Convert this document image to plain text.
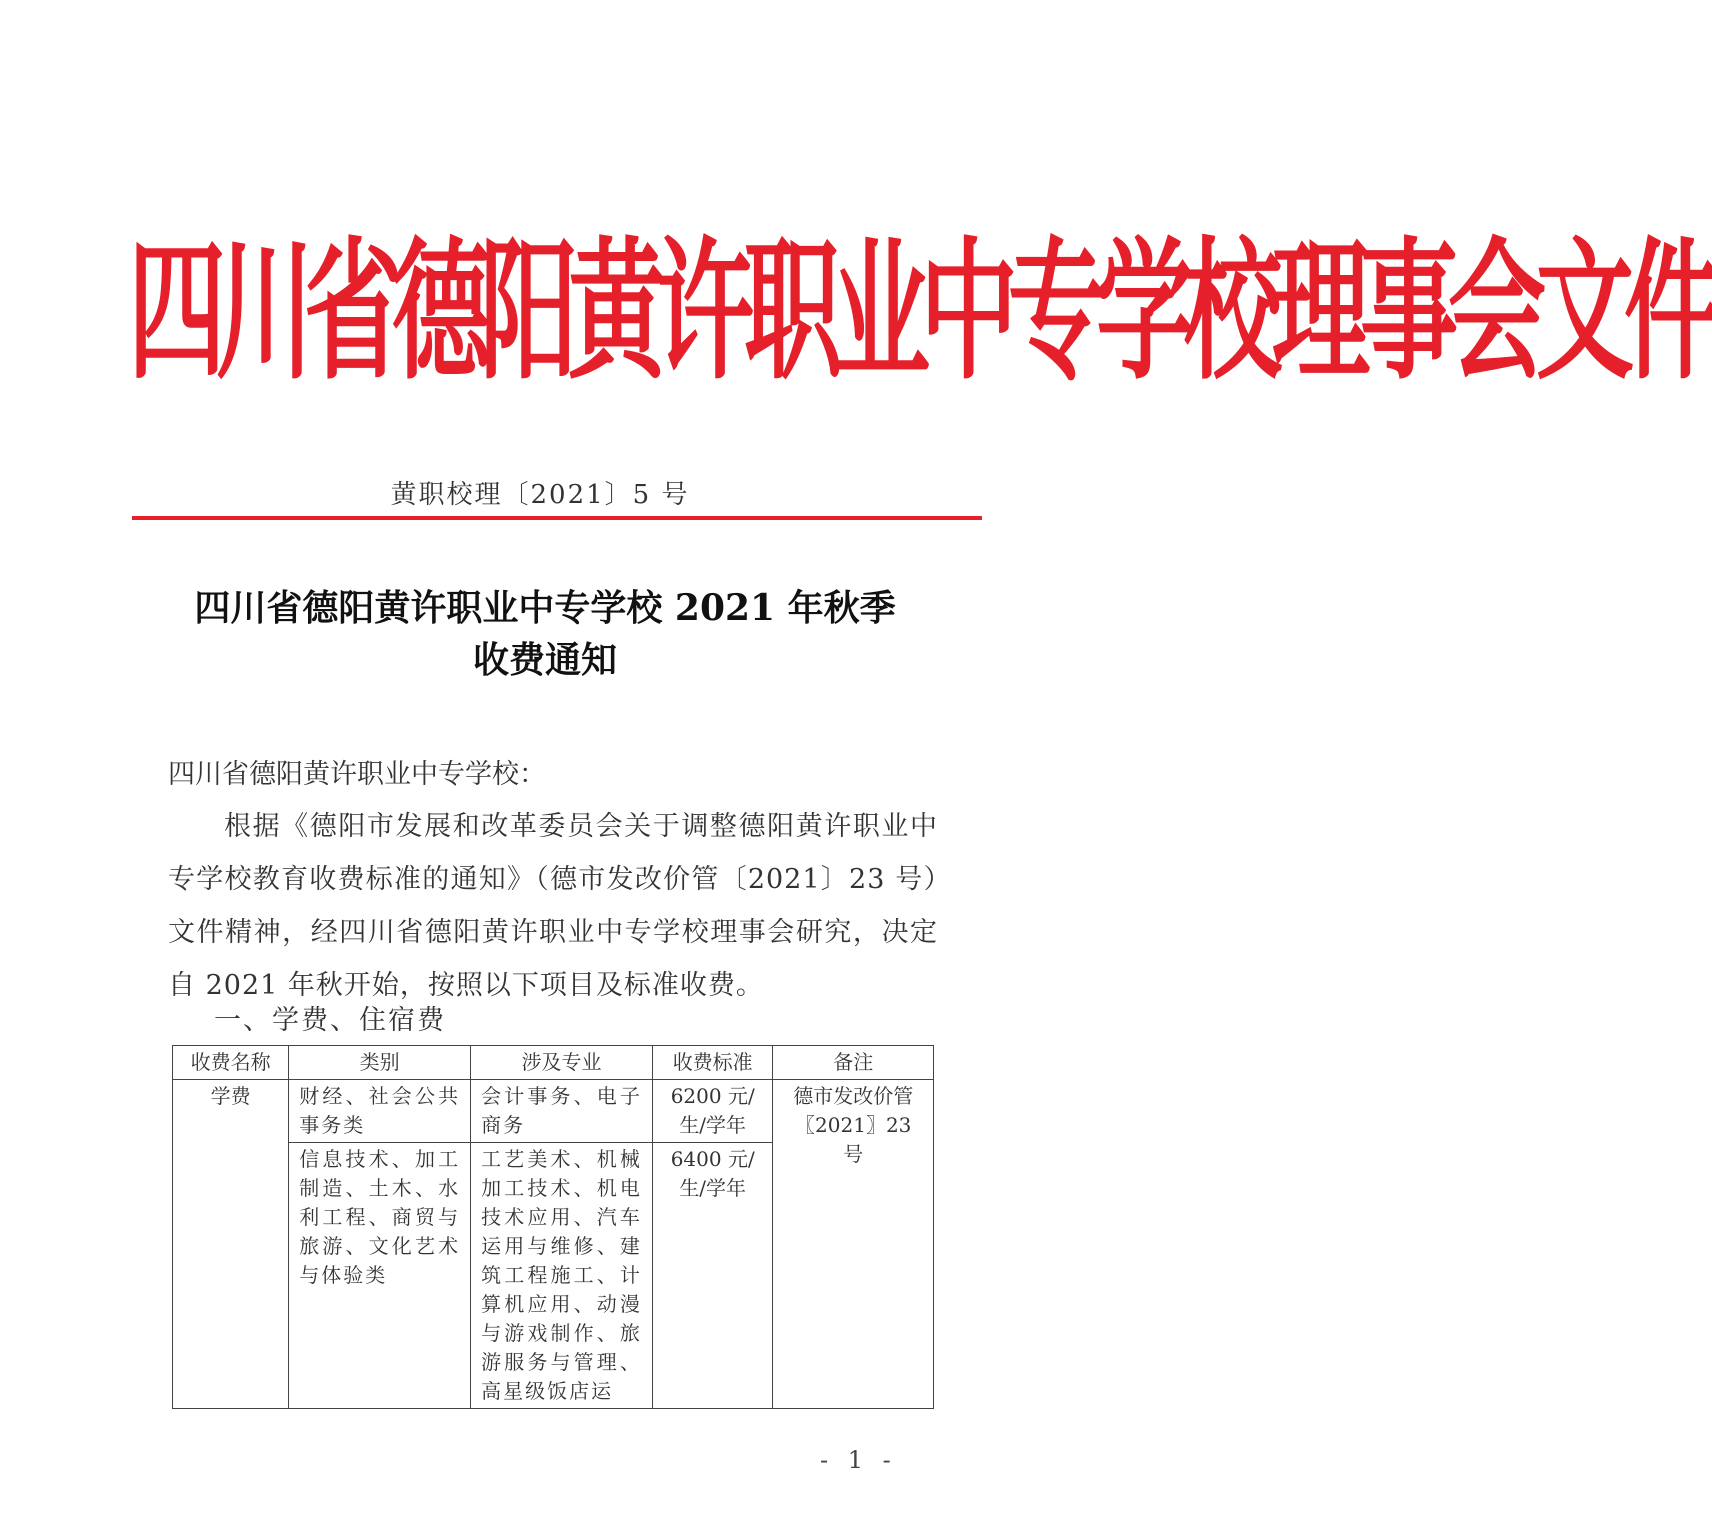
四川省德阳黄许职业中专学校理事会文件
黄职校理〔2021〕5 号
四川省德阳黄许职业中专学校 2021 年秋季
收费通知
四川省德阳黄许职业中专学校：
根据《德阳市发展和改革委员会关于调整德阳黄许职业中专学校教育收费标准的通知》（德市发改价管〔2021〕23 号）文件精神，经四川省德阳黄许职业中专学校理事会研究，决定自 2021 年秋开始，按照以下项目及标准收费。
一、学费、住宿费
收费名称	类别	涉及专业	收费标准	备注
学费	财经、社会公共事务类	会计事务、电子商务	6200 元/生/学年	德市发改价管〖2021〗23 号
	信息技术、加工制造、土木、水利工程、商贸与旅游、文化艺术与体验类	工艺美术、机械加工技术、机电技术应用、汽车运用与维修、建筑工程施工、计算机应用、动漫与游戏制作、旅游服务与管理、高星级饭店运	6400 元/生/学年	
- 1 -
